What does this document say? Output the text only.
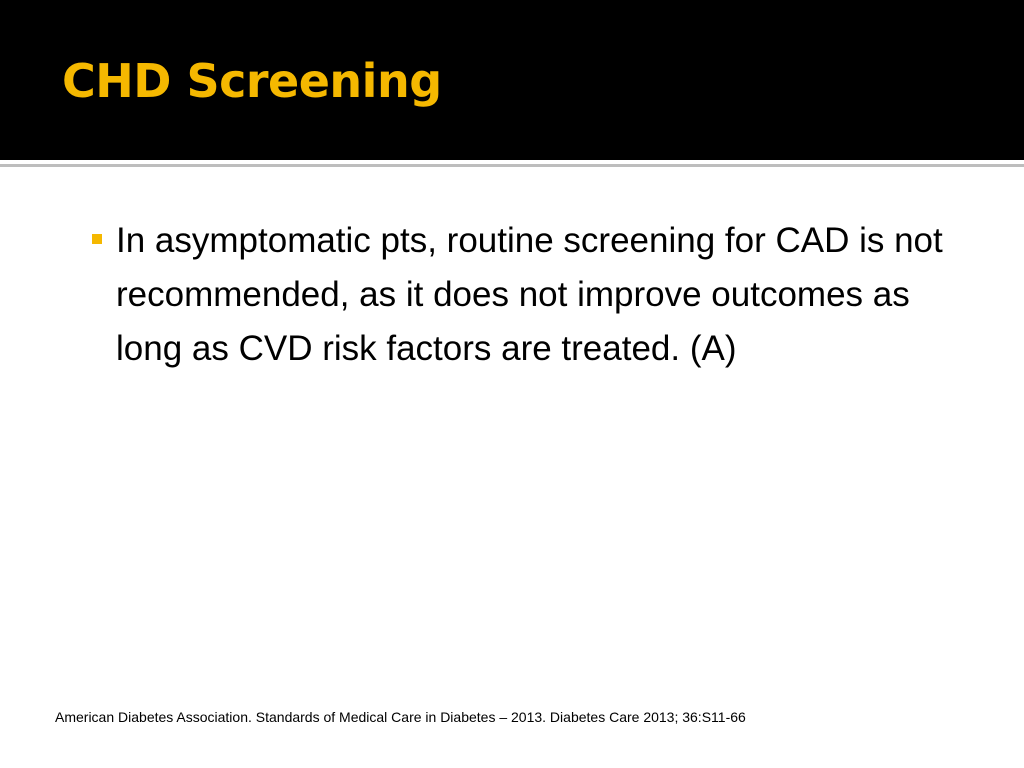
CHD Screening
In asymptomatic pts, routine screening for CAD is not recommended, as it does not improve outcomes as long as CVD risk factors are treated. (A)

American Diabetes Association. Standards of Medical Care in Diabetes – 2013. Diabetes Care 2013; 36:S11-66
